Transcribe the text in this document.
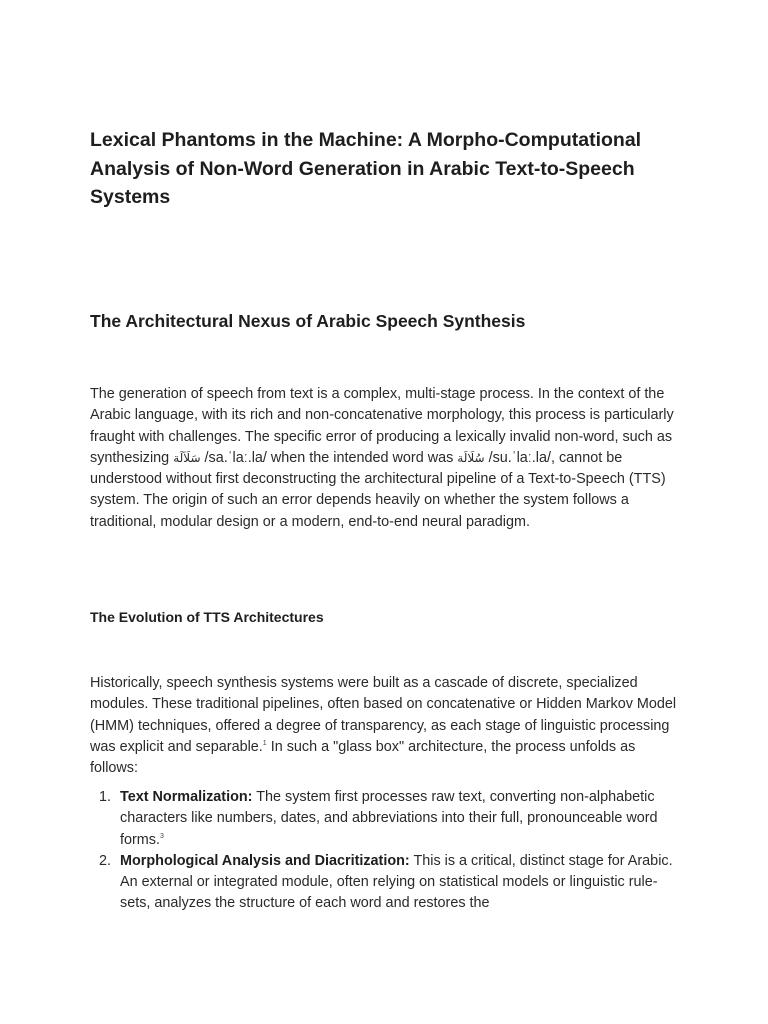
Lexical Phantoms in the Machine: A Morpho-Computational Analysis of Non-Word Generation in Arabic Text-to-Speech Systems
The Architectural Nexus of Arabic Speech Synthesis

The generation of speech from text is a complex, multi-stage process. In the context of the Arabic language, with its rich and non-concatenative morphology, this process is particularly fraught with challenges. The specific error of producing a lexically invalid non-word, such as synthesizing سَلَاَلَة /sa.ˈlaː.la/ when the intended word was سُلَالَة /su.ˈlaː.la/, cannot be understood without first deconstructing the architectural pipeline of a Text-to-Speech (TTS) system. The origin of such an error depends heavily on whether the system follows a traditional, modular design or a modern, end-to-end neural paradigm.

The Evolution of TTS Architectures

Historically, speech synthesis systems were built as a cascade of discrete, specialized modules. These traditional pipelines, often based on concatenative or Hidden Markov Model (HMM) techniques, offered a degree of transparency, as each stage of linguistic processing was explicit and separable.$^1$ In such a "glass box" architecture, the process unfolds as follows:

1. Text Normalization: The system first processes raw text, converting non-alphabetic characters like numbers, dates, and abbreviations into their full, pronounceable word forms.$^3$
2. Morphological Analysis and Diacritization: This is a critical, distinct stage for Arabic. An external or integrated module, often relying on statistical models or linguistic rule-sets, analyzes the structure of each word and restores the
